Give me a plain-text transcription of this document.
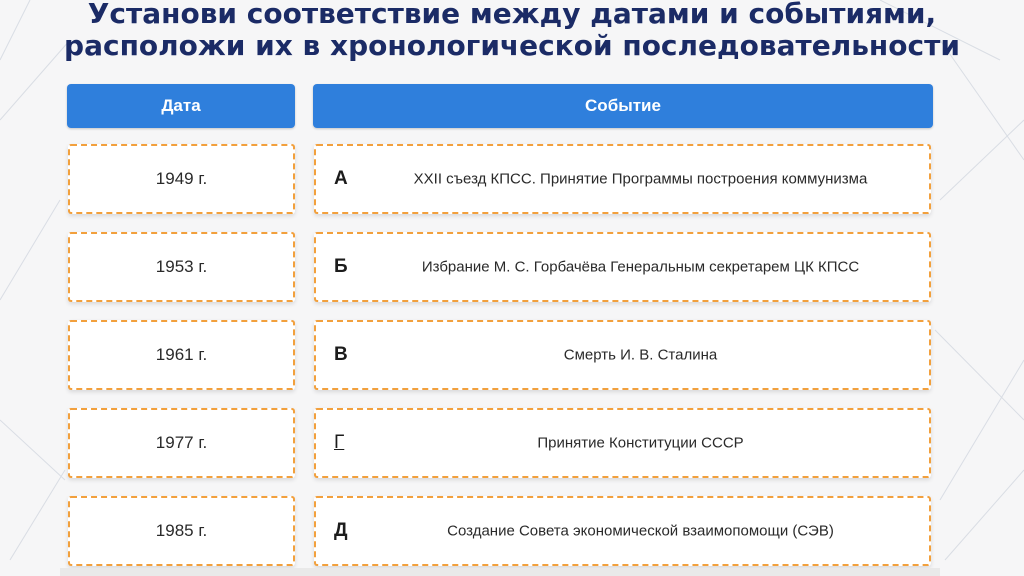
Установи соответствие между датами и событиями, расположи их в хронологической последовательности
Дата	Событие
1949 г.	А	XXII съезд КПСС. Принятие Программы построения коммунизма
1953 г.	Б	Избрание М. С. Горбачёва Генеральным секретарем ЦК КПСС
1961 г.	В	Смерть И. В. Сталина
1977 г.	Г	Принятие Конституции СССР
1985 г.	Д	Создание Совета экономической взаимопомощи (СЭВ)
